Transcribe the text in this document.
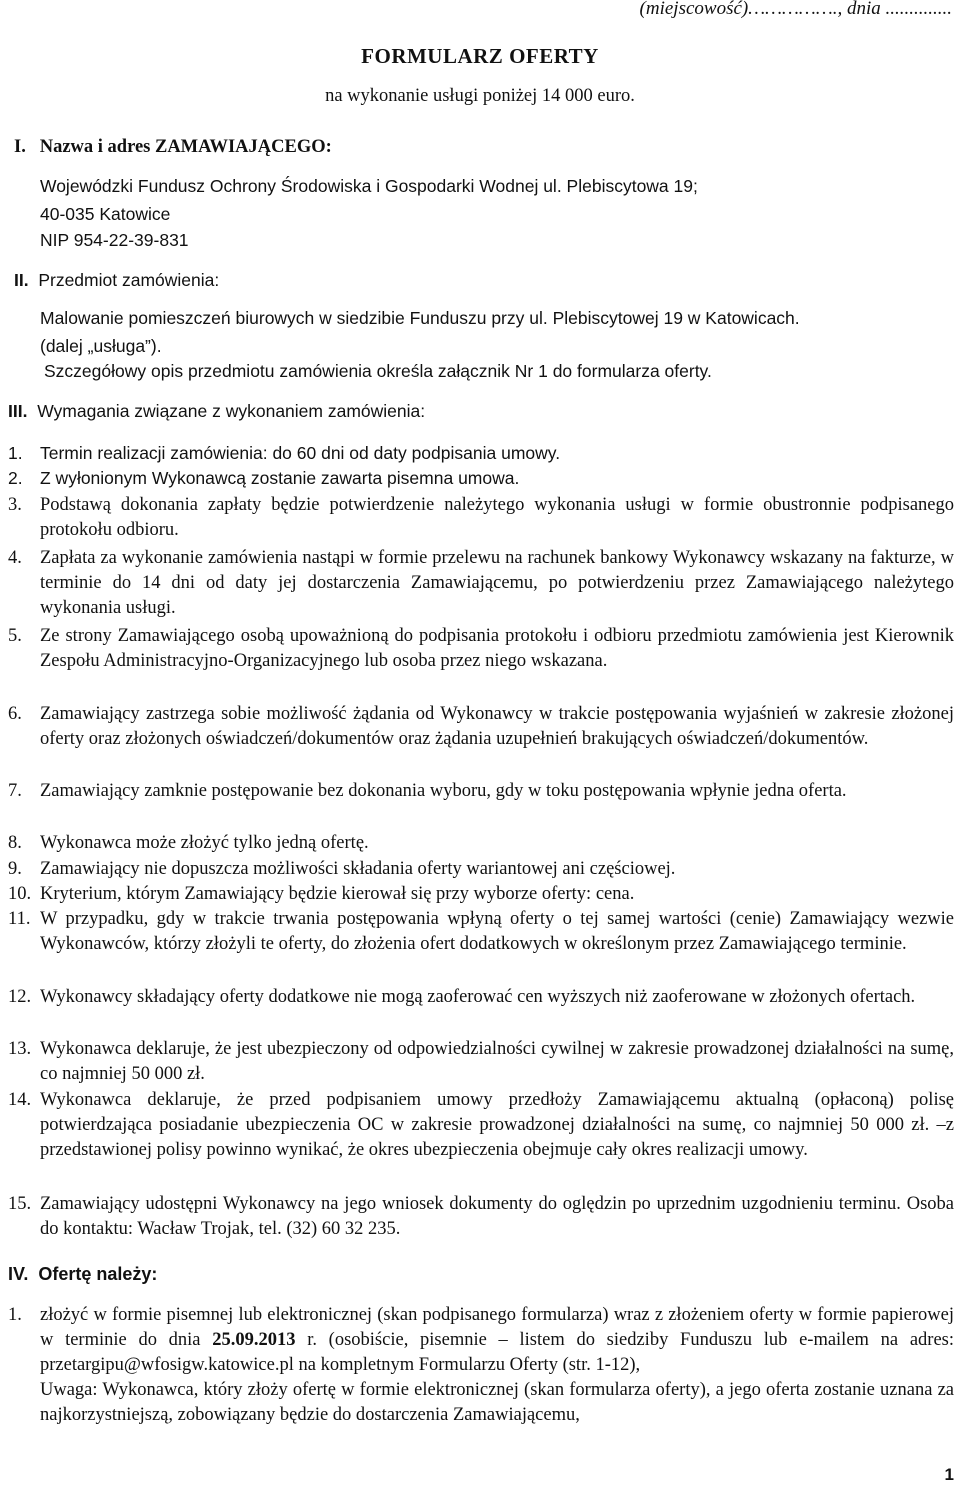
(miejscowość)……………., dnia ..............
FORMULARZ OFERTY
na wykonanie usługi poniżej 14 000 euro.
I. Nazwa i adres ZAMAWIAJĄCEGO:
Wojewódzki Fundusz Ochrony Środowiska i Gospodarki Wodnej ul. Plebiscytowa 19;
40-035 Katowice
NIP 954-22-39-831
II. Przedmiot zamówienia:
Malowanie pomieszczeń biurowych w siedzibie Funduszu przy ul. Plebiscytowej 19 w Katowicach.
(dalej „usługa”).
Szczegółowy opis przedmiotu zamówienia określa załącznik Nr 1 do formularza oferty.
III. Wymagania związane z wykonaniem zamówienia:
1. Termin realizacji zamówienia: do 60 dni od daty podpisania umowy.

2. Z wyłonionym Wykonawcą zostanie zawarta pisemna umowa.

3. Podstawą dokonania zapłaty będzie potwierdzenie należytego wykonania usługi w formie obustronnie podpisanego protokołu odbioru.

4. Zapłata za wykonanie zamówienia nastąpi w formie przelewu na rachunek bankowy Wykonawcy wskazany na fakturze, w terminie do 14 dni od daty jej dostarczenia Zamawiającemu, po potwierdzeniu przez Zamawiającego należytego wykonania usługi.

5. Ze strony Zamawiającego osobą upoważnioną do podpisania protokołu i odbioru przedmiotu zamówienia jest Kierownik Zespołu Administracyjno-Organizacyjnego lub osoba przez niego wskazana.

6. Zamawiający zastrzega sobie możliwość żądania od Wykonawcy w trakcie postępowania wyjaśnień w zakresie złożonej oferty oraz złożonych oświadczeń/dokumentów oraz żądania uzupełnień brakujących oświadczeń/dokumentów.

7. Zamawiający zamknie postępowanie bez dokonania wyboru, gdy w toku postępowania wpłynie jedna oferta.

8. Wykonawca może złożyć tylko jedną ofertę.

9. Zamawiający nie dopuszcza możliwości składania oferty wariantowej ani częściowej.

10. Kryterium, którym Zamawiający będzie kierował się przy wyborze oferty: cena.

11. W przypadku, gdy w trakcie trwania postępowania wpłyną oferty o tej samej wartości (cenie) Zamawiający wezwie Wykonawców, którzy złożyli te oferty, do złożenia ofert dodatkowych w określonym przez Zamawiającego terminie.

12. Wykonawcy składający oferty dodatkowe nie mogą zaoferować cen wyższych niż zaoferowane w złożonych ofertach.

13. Wykonawca deklaruje, że jest ubezpieczony od odpowiedzialności cywilnej w zakresie prowadzonej działalności na sumę, co najmniej 50 000 zł.

14. Wykonawca deklaruje, że przed podpisaniem umowy przedłoży Zamawiającemu aktualną (opłaconą) polisę potwierdzająca posiadanie ubezpieczenia OC w zakresie prowadzonej działalności na sumę, co najmniej 50 000 zł. –z przedstawionej polisy powinno wynikać, że okres ubezpieczenia obejmuje cały okres realizacji umowy.

15. Zamawiający udostępni Wykonawcy na jego wniosek dokumenty do oględzin po uprzednim uzgodnieniu terminu. Osoba do kontaktu: Wacław Trojak, tel. (32) 60 32 235.

IV. Ofertę należy:
1. złożyć w formie pisemnej lub elektronicznej (skan podpisanego formularza) wraz z złożeniem oferty w formie papierowej w terminie do dnia 25.09.2013 r. (osobiście, pisemnie – listem do siedziby Funduszu lub e-mailem na adres: przetargipu@wfosigw.katowice.pl na kompletnym Formularzu Oferty (str. 1-12),

Uwaga: Wykonawca, który złoży ofertę w formie elektronicznej (skan formularza oferty), a jego oferta zostanie uznana za najkorzystniejszą, zobowiązany będzie do dostarczenia Zamawiającemu,

1
